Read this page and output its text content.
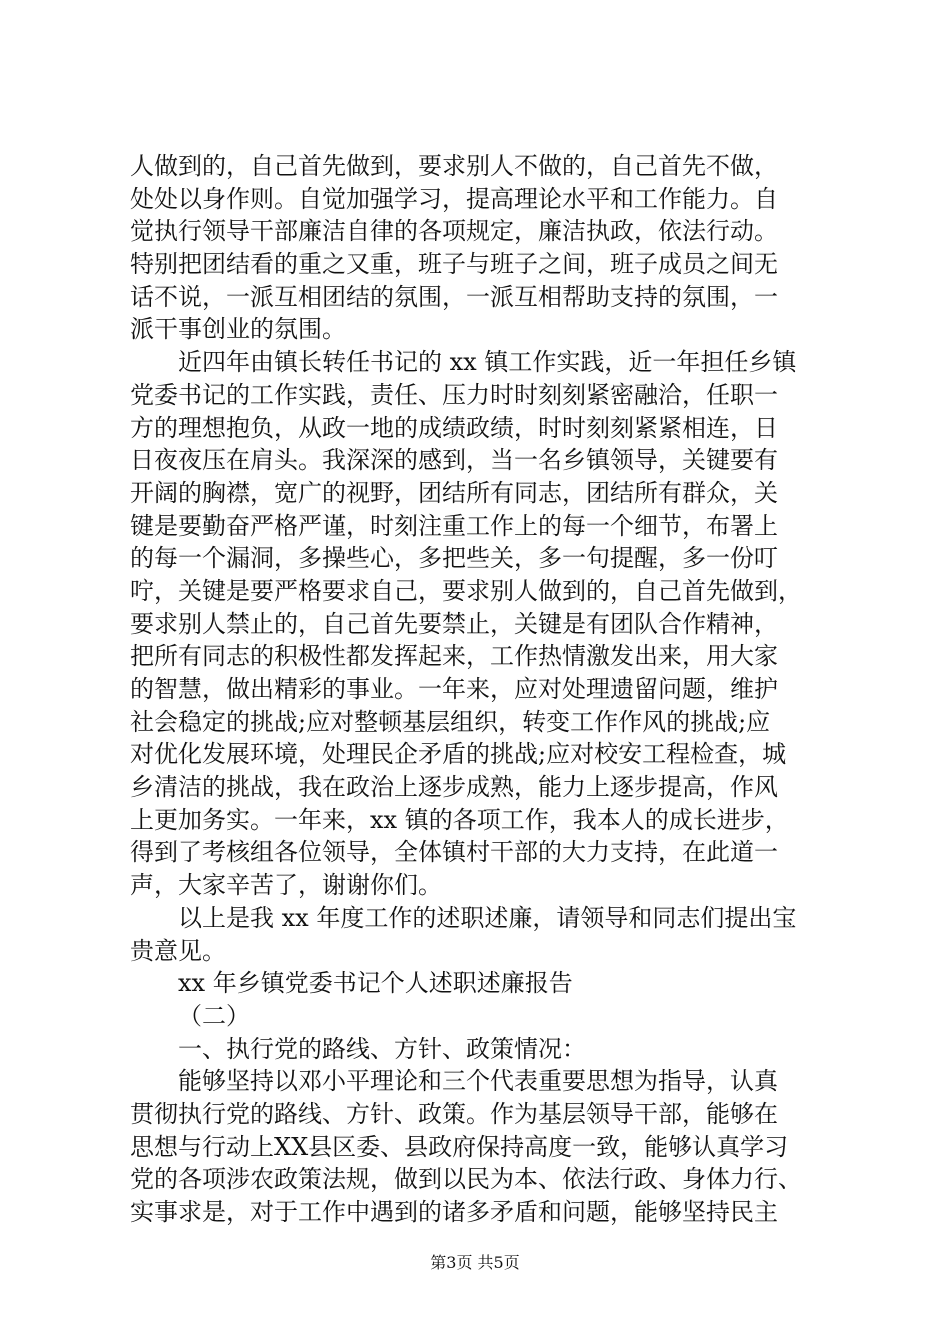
人做到的，自己首先做到，要求别人不做的，自己首先不做，
处处以身作则。自觉加强学习，提高理论水平和工作能力。自
觉执行领导干部廉洁自律的各项规定，廉洁执政，依法行动。
特别把团结看的重之又重，班子与班子之间，班子成员之间无
话不说，一派互相团结的氛围，一派互相帮助支持的氛围，一
派干事创业的氛围。
近四年由镇长转任书记的 xx 镇工作实践，近一年担任乡镇
党委书记的工作实践，责任、压力时时刻刻紧密融洽，任职一
方的理想抱负，从政一地的成绩政绩，时时刻刻紧紧相连，日
日夜夜压在肩头。我深深的感到，当一名乡镇领导，关键要有
开阔的胸襟，宽广的视野，团结所有同志，团结所有群众，关
键是要勤奋严格严谨，时刻注重工作上的每一个细节，布署上
的每一个漏洞，多操些心，多把些关，多一句提醒，多一份叮
咛，关键是要严格要求自己，要求别人做到的，自己首先做到，
要求别人禁止的，自己首先要禁止，关键是有团队合作精神，
把所有同志的积极性都发挥起来，工作热情激发出来，用大家
的智慧，做出精彩的事业。一年来，应对处理遗留问题，维护
社会稳定的挑战;应对整顿基层组织，转变工作作风的挑战;应
对优化发展环境，处理民企矛盾的挑战;应对校安工程检查，城
乡清洁的挑战，我在政治上逐步成熟，能力上逐步提高，作风
上更加务实。一年来，xx 镇的各项工作，我本人的成长进步，
得到了考核组各位领导，全体镇村干部的大力支持，在此道一
声，大家辛苦了，谢谢你们。
以上是我 xx 年度工作的述职述廉，请领导和同志们提出宝
贵意见。
xx 年乡镇党委书记个人述职述廉报告
（二）
一、执行党的路线、方针、政策情况：
能够坚持以邓小平理论和三个代表重要思想为指导，认真
贯彻执行党的路线、方针、政策。作为基层领导干部，能够在
思想与行动上XX县区委、县政府保持高度一致，能够认真学习
党的各项涉农政策法规，做到以民为本、依法行政、身体力行、
实事求是，对于工作中遇到的诸多矛盾和问题，能够坚持民主
第3页 共5页
